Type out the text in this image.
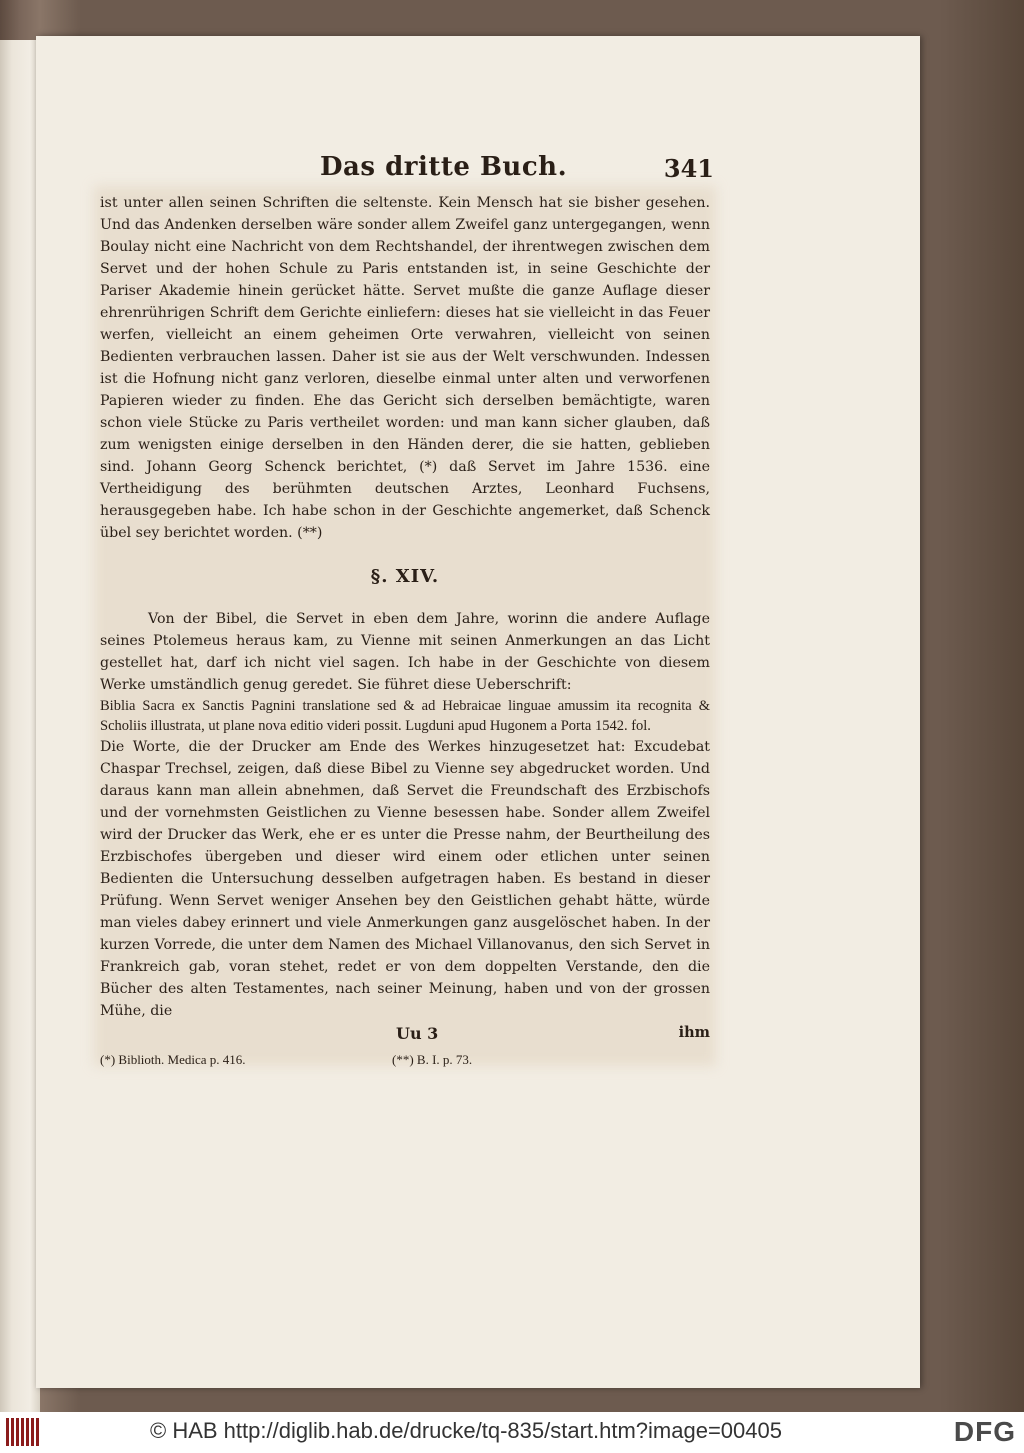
Das dritte Buch.	341

ist unter allen seinen Schriften die seltenste. Kein Mensch hat sie bisher gesehen. Und das Andenken derselben wäre sonder allem Zweifel ganz untergegangen, wenn Boulay nicht eine Nachricht von dem Rechtshandel, der ihrentwegen zwischen dem Servet und der hohen Schule zu Paris entstanden ist, in seine Geschichte der Pariser Akademie hinein gerücket hätte. Servet mußte die ganze Auflage dieser ehrenrührigen Schrift dem Gerichte einliefern: dieses hat sie vielleicht in das Feuer werfen, vielleicht an einem geheimen Orte verwahren, vielleicht von seinen Bedienten verbrauchen lassen. Daher ist sie aus der Welt verschwunden. Indessen ist die Hofnung nicht ganz verloren, dieselbe einmal unter alten und verworfenen Papieren wieder zu finden. Ehe das Gericht sich derselben bemächtigte, waren schon viele Stücke zu Paris vertheilet worden: und man kann sicher glauben, daß zum wenigsten einige derselben in den Händen derer, die sie hatten, geblieben sind. Johann Georg Schenck berichtet, (*) daß Servet im Jahre 1536. eine Vertheidigung des berühmten deutschen Arztes, Leonhard Fuchsens, herausgegeben habe. Ich habe schon in der Geschichte angemerket, daß Schenck übel sey berichtet worden. (**)

§. XIV.

Von der Bibel, die Servet in eben dem Jahre, worinn die andere Auflage seines Ptolemeus heraus kam, zu Vienne mit seinen Anmerkungen an das Licht gestellet hat, darf ich nicht viel sagen. Ich habe in der Geschichte von diesem Werke umständlich genug geredet. Sie führet diese Ueberschrift:

Biblia Sacra ex Sanctis Pagnini translatione sed & ad Hebraicae linguae amussim ita recognita & Scholiis illustrata, ut plane nova editio videri possit. Lugduni apud Hugonem a Porta 1542. fol.

Die Worte, die der Drucker am Ende des Werkes hinzugesetzet hat: Excudebat Chaspar Trechsel, zeigen, daß diese Bibel zu Vienne sey abgedrucket worden. Und daraus kann man allein abnehmen, daß Servet die Freundschaft des Erzbischofs und der vornehmsten Geistlichen zu Vienne besessen habe. Sonder allem Zweifel wird der Drucker das Werk, ehe er es unter die Presse nahm, der Beurtheilung des Erzbischofes übergeben und dieser wird einem oder etlichen unter seinen Bedienten die Untersuchung desselben aufgetragen haben. Es bestand in dieser Prüfung. Wenn Servet weniger Ansehen bey den Geistlichen gehabt hätte, würde man vieles dabey erinnert und viele Anmerkungen ganz ausgelöschet haben. In der kurzen Vorrede, die unter dem Namen des Michael Villanovanus, den sich Servet in Frankreich gab, voran stehet, redet er von dem doppelten Verstande, den die Bücher des alten Testamentes, nach seiner Meinung, haben und von der grossen Mühe, die

Uu 3	ihm
(*) Biblioth. Medica p. 416.	(**) B. I. p. 73.
© HAB http://diglib.hab.de/drucke/tq-835/start.htm?image=00405	DFG
